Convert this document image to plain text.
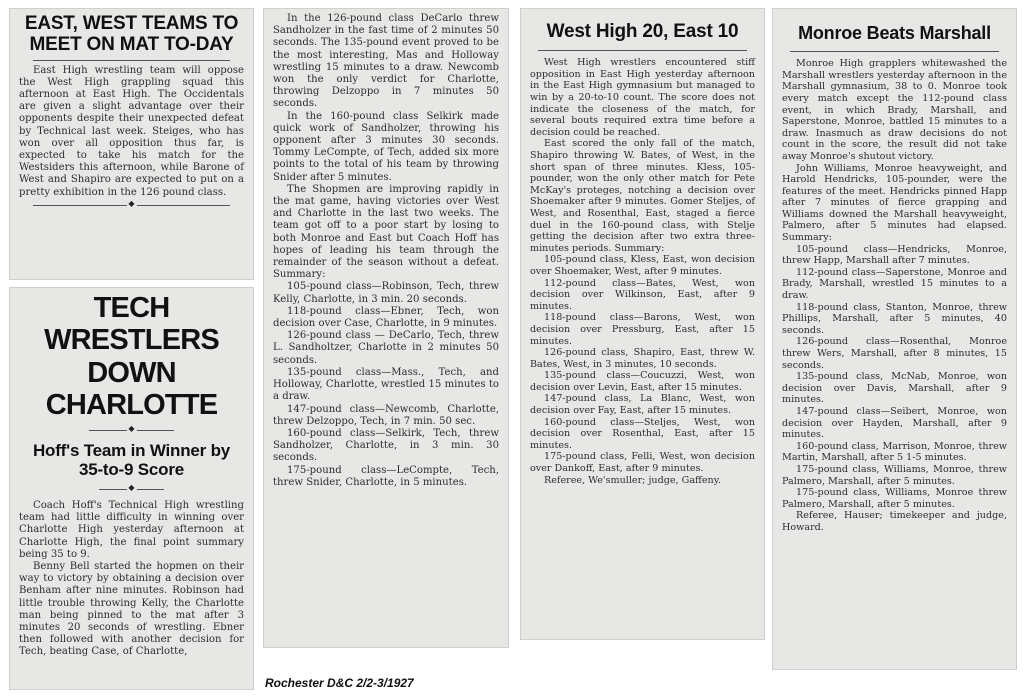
EAST, WEST TEAMS TO
MEET ON MAT TO-DAY

East High wrestling team will oppose the West High grappling squad this afternoon at East High. The Occidentals are given a slight advantage over their opponents despite their unexpected defeat by Technical last week. Steiges, who has won over all opposition thus far, is expected to take his match for the Westsiders this afternoon, while Barone of West and Shapiro are expected to put on a pretty exhibition in the 126 pound class.

◆
TECH WRESTLERS
DOWN CHARLOTTE
◆
Hoff's Team in Winner by
35-to-9 Score
◆

Coach Hoff's Technical High wrestling team had little difficulty in winning over Charlotte High yesterday afternoon at Charlotte High, the final point summary being 35 to 9.

Benny Bell started the hopmen on their way to victory by obtaining a decision over Benham after nine minutes. Robinson had little trouble throwing Kelly, the Charlotte man being pinned to the mat after 3 minutes 20 seconds of wrestling. Ebner then followed with another decision for Tech, beating Case, of Charlotte,

In the 126-pound class DeCarlo threw Sandholzer in the fast time of 2 minutes 50 seconds. The 135-pound event proved to be the most interesting, Mas and Holloway wrestling 15 minutes to a draw. Newcomb won the only verdict for Charlotte, throwing Delzoppo in 7 minutes 50 seconds.

In the 160-pound class Selkirk made quick work of Sandholzer, throwing his opponent after 3 minutes 30 seconds. Tommy LeCompte, of Tech, added six more points to the total of his team by throwing Snider after 5 minutes.

The Shopmen are improving rapidly in the mat game, having victories over West and Charlotte in the last two weeks. The team got off to a poor start by losing to both Monroe and East but Coach Hoff has hopes of leading his team through the remainder of the season without a defeat. Summary:

105-pound class—Robinson, Tech, threw Kelly, Charlotte, in 3 min. 20 seconds.

118-pound class—Ebner, Tech, won decision over Case, Charlotte, in 9 minutes.

126-pound class — DeCarlo, Tech, threw L. Sandholtzer, Charlotte in 2 minutes 50 seconds.

135-pound class—Mass., Tech, and Holloway, Charlotte, wrestled 15 minutes to a draw.

147-pound class—Newcomb, Charlotte, threw Delzoppo, Tech, in 7 min. 50 sec.

160-pound class—Selkirk, Tech, threw Sandholzer, Charlotte, in 3 min. 30 seconds.

175-pound class—LeCompte, Tech, threw Snider, Charlotte, in 5 minutes.

West High 20, East 10

West High wrestlers encountered stiff opposition in East High yesterday afternoon in the East High gymnasium but managed to win by a 20-to-10 count. The score does not indicate the closeness of the match, for several bouts required extra time before a decision could be reached.

East scored the only fall of the match, Shapiro throwing W. Bates, of West, in the short span of three minutes. Kless, 105-pounder, won the only other match for Pete McKay's proteges, notching a decision over Shoemaker after 9 minutes. Gomer Steljes, of West, and Rosenthal, East, staged a fierce duel in the 160-pound class, with Stelje getting the decision after two extra three-minutes periods. Summary:

105-pound class, Kless, East, won decision over Shoemaker, West, after 9 minutes.

112-pound class—Bates, West, won decision over Wilkinson, East, after 9 minutes.

118-pound class—Barons, West, won decision over Pressburg, East, after 15 minutes.

126-pound class, Shapiro, East, threw W. Bates, West, in 3 minutes, 10 seconds.

135-pound class—Coucuzzi, West, won decision over Levin, East, after 15 minutes.

147-pound class, La Blanc, West, won decision over Fay, East, after 15 minutes.

160-pound class—Steljes, West, won decision over Rosenthal, East, after 15 minutes.

175-pound class, Felli, West, won decision over Dankoff, East, after 9 minutes.

Referee, We'smuller; judge, Gaffeny.

Monroe Beats Marshall

Monroe High grapplers whitewashed the Marshall wrestlers yesterday afternoon in the Marshall gymnasium, 38 to 0. Monroe took every match except the 112-pound class event, in which Brady, Marshall, and Saperstone, Monroe, battled 15 minutes to a draw. Inasmuch as draw decisions do not count in the score, the result did not take away Monroe's shutout victory.

John Williams, Monroe heavyweight, and Harold Hendricks, 105-pounder, were the features of the meet. Hendricks pinned Happ after 7 minutes of fierce grapping and Williams downed the Marshall heavyweight, Palmero, after 5 minutes had elapsed. Summary:

105-pound class—Hendricks, Monroe, threw Happ, Marshall after 7 minutes.

112-pound class—Saperstone, Monroe and Brady, Marshall, wrestled 15 minutes to a draw.

118-pound class, Stanton, Monroe, threw Phillips, Marshall, after 5 minutes, 40 seconds.

126-pound class—Rosenthal, Monroe threw Wers, Marshall, after 8 minutes, 15 seconds.

135-pound class, McNab, Monroe, won decision over Davis, Marshall, after 9 minutes.

147-pound class—Seibert, Monroe, won decision over Hayden, Marshall, after 9 minutes.

160-pound class, Marrison, Monroe, threw Martin, Marshall, after 5 1-5 minutes.

175-pound class, Williams, Monroe, threw Palmero, Marshall, after 5 minutes.

175-pound class, Williams, Monroe threw Palmero, Marshall, after 5 minutes.

Referee, Hauser; timekeeper and judge, Howard.

Rochester D&C 2/2-3/1927
